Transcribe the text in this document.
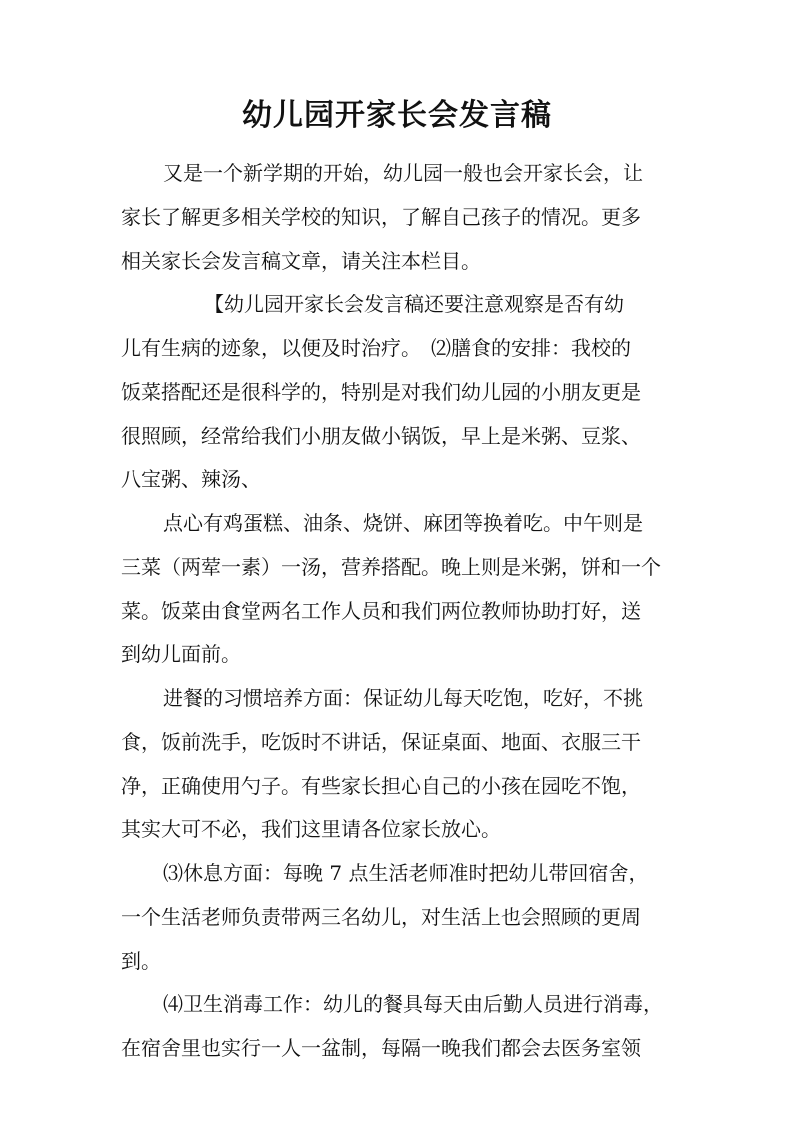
幼儿园开家长会发言稿
又是一个新学期的开始，幼儿园一般也会开家长会，让
家长了解更多相关学校的知识，了解自己孩子的情况。更多
相关家长会发言稿文章，请关注本栏目。
【幼儿园开家长会发言稿还要注意观察是否有幼
儿有生病的迹象，以便及时治疗。　⑵膳食的安排：我校的
饭菜搭配还是很科学的，特别是对我们幼儿园的小朋友更是
很照顾，经常给我们小朋友做小锅饭，早上是米粥、豆浆、
八宝粥、辣汤、
点心有鸡蛋糕、油条、烧饼、麻团等换着吃。中午则是
三菜（两荤一素）一汤，营养搭配。晚上则是米粥，饼和一个
菜。饭菜由食堂两名工作人员和我们两位教师协助打好，送
到幼儿面前。
进餐的习惯培养方面：保证幼儿每天吃饱，吃好，不挑
食，饭前洗手，吃饭时不讲话，保证桌面、地面、衣服三干
净，正确使用勺子。有些家长担心自己的小孩在园吃不饱，
其实大可不必，我们这里请各位家长放心。
⑶休息方面：每晚 7 点生活老师准时把幼儿带回宿舍，
一个生活老师负责带两三名幼儿，对生活上也会照顾的更周
到。
⑷卫生消毒工作：幼儿的餐具每天由后勤人员进行消毒，
在宿舍里也实行一人一盆制，每隔一晚我们都会去医务室领
